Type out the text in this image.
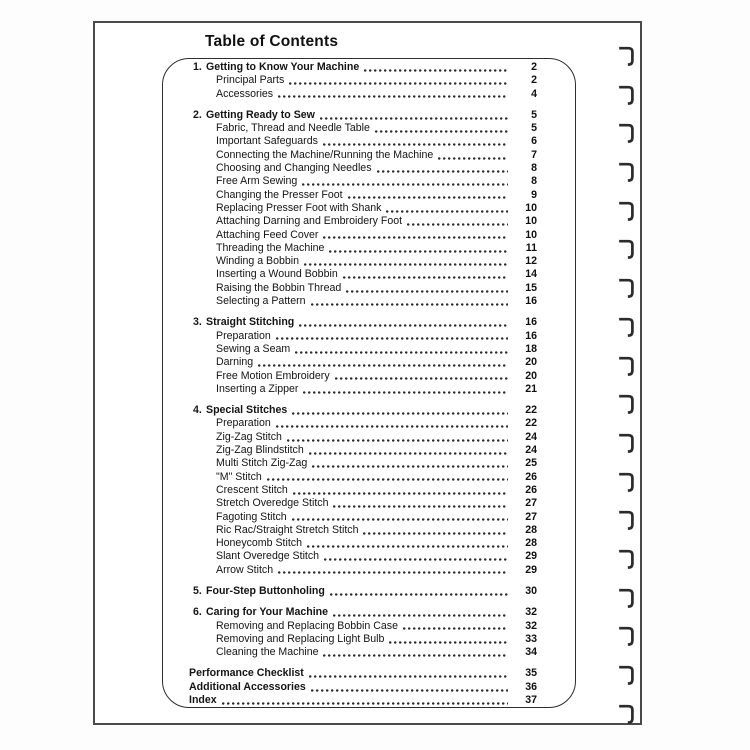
Table of Contents
1. Getting to Know Your Machine	2
Principal Parts	2
Accessories	4
2. Getting Ready to Sew	5
Fabric, Thread and Needle Table	5
Important Safeguards	6
Connecting the Machine/Running the Machine	7
Choosing and Changing Needles	8
Free Arm Sewing	8
Changing the Presser Foot	9
Replacing Presser Foot with Shank	10
Attaching Darning and Embroidery Foot	10
Attaching Feed Cover	10
Threading the Machine	11
Winding a Bobbin	12
Inserting a Wound Bobbin	14
Raising the Bobbin Thread	15
Selecting a Pattern	16
3. Straight Stitching	16
Preparation	16
Sewing a Seam	18
Darning	20
Free Motion Embroidery	20
Inserting a Zipper	21
4. Special Stitches	22
Preparation	22
Zig-Zag Stitch	24
Zig-Zag Blindstitch	24
Multi Stitch Zig-Zag	25
"M" Stitch	26
Crescent Stitch	26
Stretch Overedge Stitch	27
Fagoting Stitch	27
Ric Rac/Straight Stretch Stitch	28
Honeycomb Stitch	28
Slant Overedge Stitch	29
Arrow Stitch	29
5. Four-Step Buttonholing	30
6. Caring for Your Machine	32
Removing and Replacing Bobbin Case	32
Removing and Replacing Light Bulb	33
Cleaning the Machine	34
Performance Checklist	35
Additional Accessories	36
Index	37
